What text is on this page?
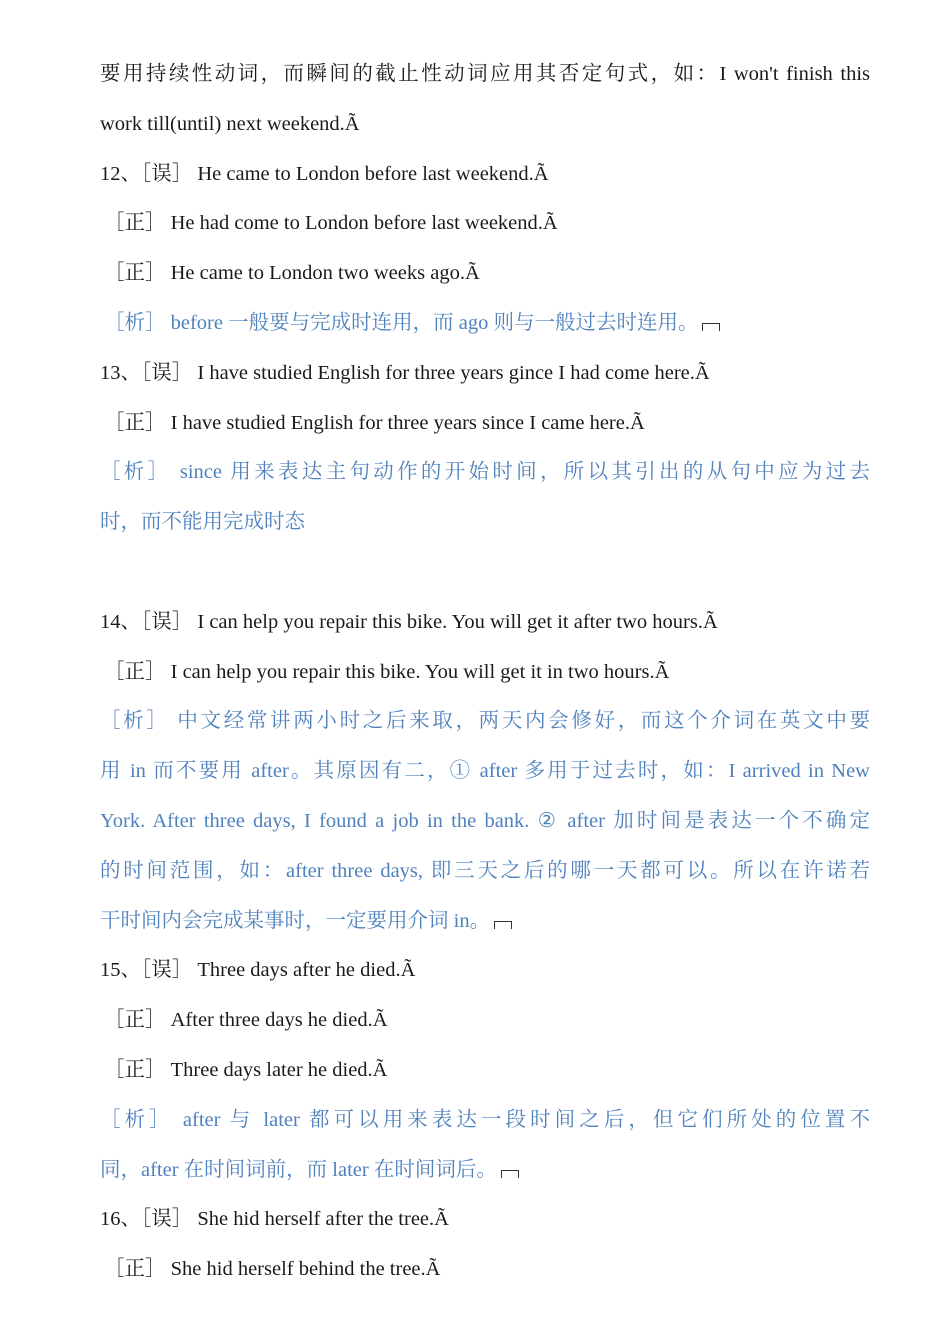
要用持续性动词，而瞬间的截止性动词应用其否定句式，如：I won't finish this
work till(until) next weekend.Ã
12、［误］ He came to London before last weekend.Ã
［正］ He had come to London before last weekend.Ã
［正］ He came to London two weeks ago.Ã
［析］ before 一般要与完成时连用，而 ago 则与一般过去时连用。
13、［误］ I have studied English for three years gince I had come here.Ã
［正］ I have studied English for three years since I came here.Ã
［析］ since 用来表达主句动作的开始时间，所以其引出的从句中应为过去
时，而不能用完成时态
14、［误］ I can help you repair this bike. You will get it after two hours.Ã
［正］ I can help you repair this bike. You will get it in two hours.Ã
［析］ 中文经常讲两小时之后来取，两天内会修好，而这个介词在英文中要
用 in 而不要用 after。其原因有二，① after 多用于过去时，如：I arrived in New
York. After three days, I found a job in the bank. ② after 加时间是表达一个不确定
的时间范围，如：after three days, 即三天之后的哪一天都可以。所以在许诺若
干时间内会完成某事时，一定要用介词 in。
15、［误］ Three days after he died.Ã
［正］ After three days he died.Ã
［正］ Three days later he died.Ã
［析］ after 与 later 都可以用来表达一段时间之后，但它们所处的位置不
同，after 在时间词前，而 later 在时间词后。
16、［误］ She hid herself after the tree.Ã
［正］ She hid herself behind the tree.Ã
